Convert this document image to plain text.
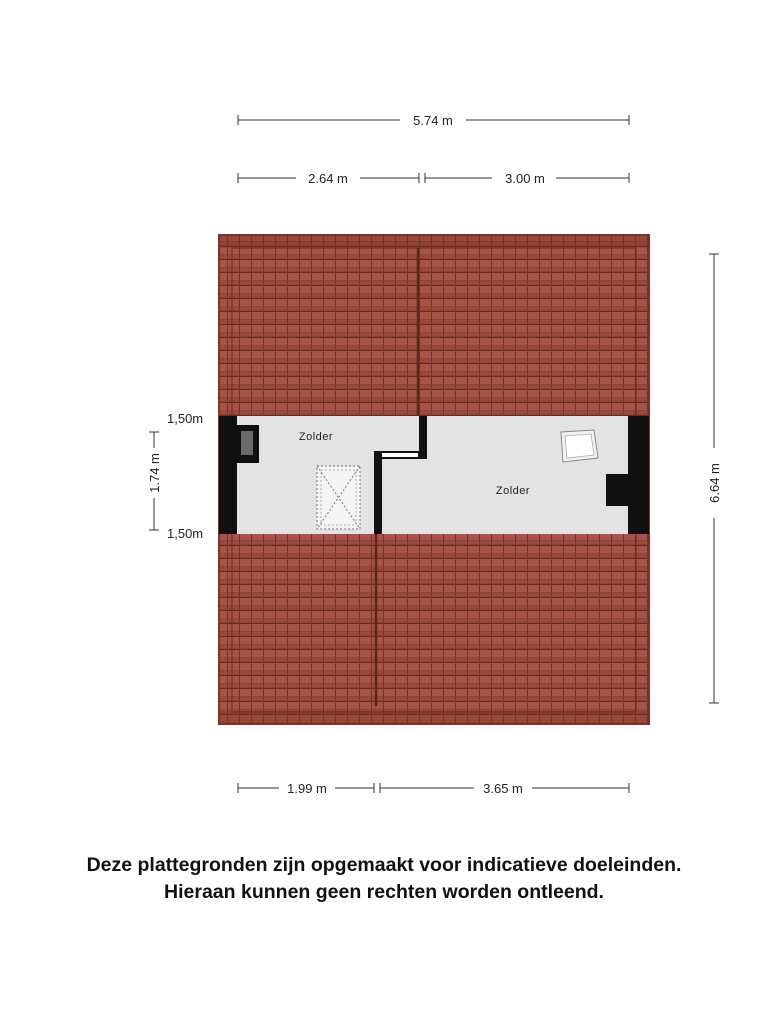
5.74 m
2.64 m	3.00 m
Zolder
Zolder
1.74 m
1,50m
1,50m
6.64 m
1.99 m	3.65 m
Deze plattegronden zijn opgemaakt voor indicatieve doeleinden.
Hieraan kunnen geen rechten worden ontleend.
